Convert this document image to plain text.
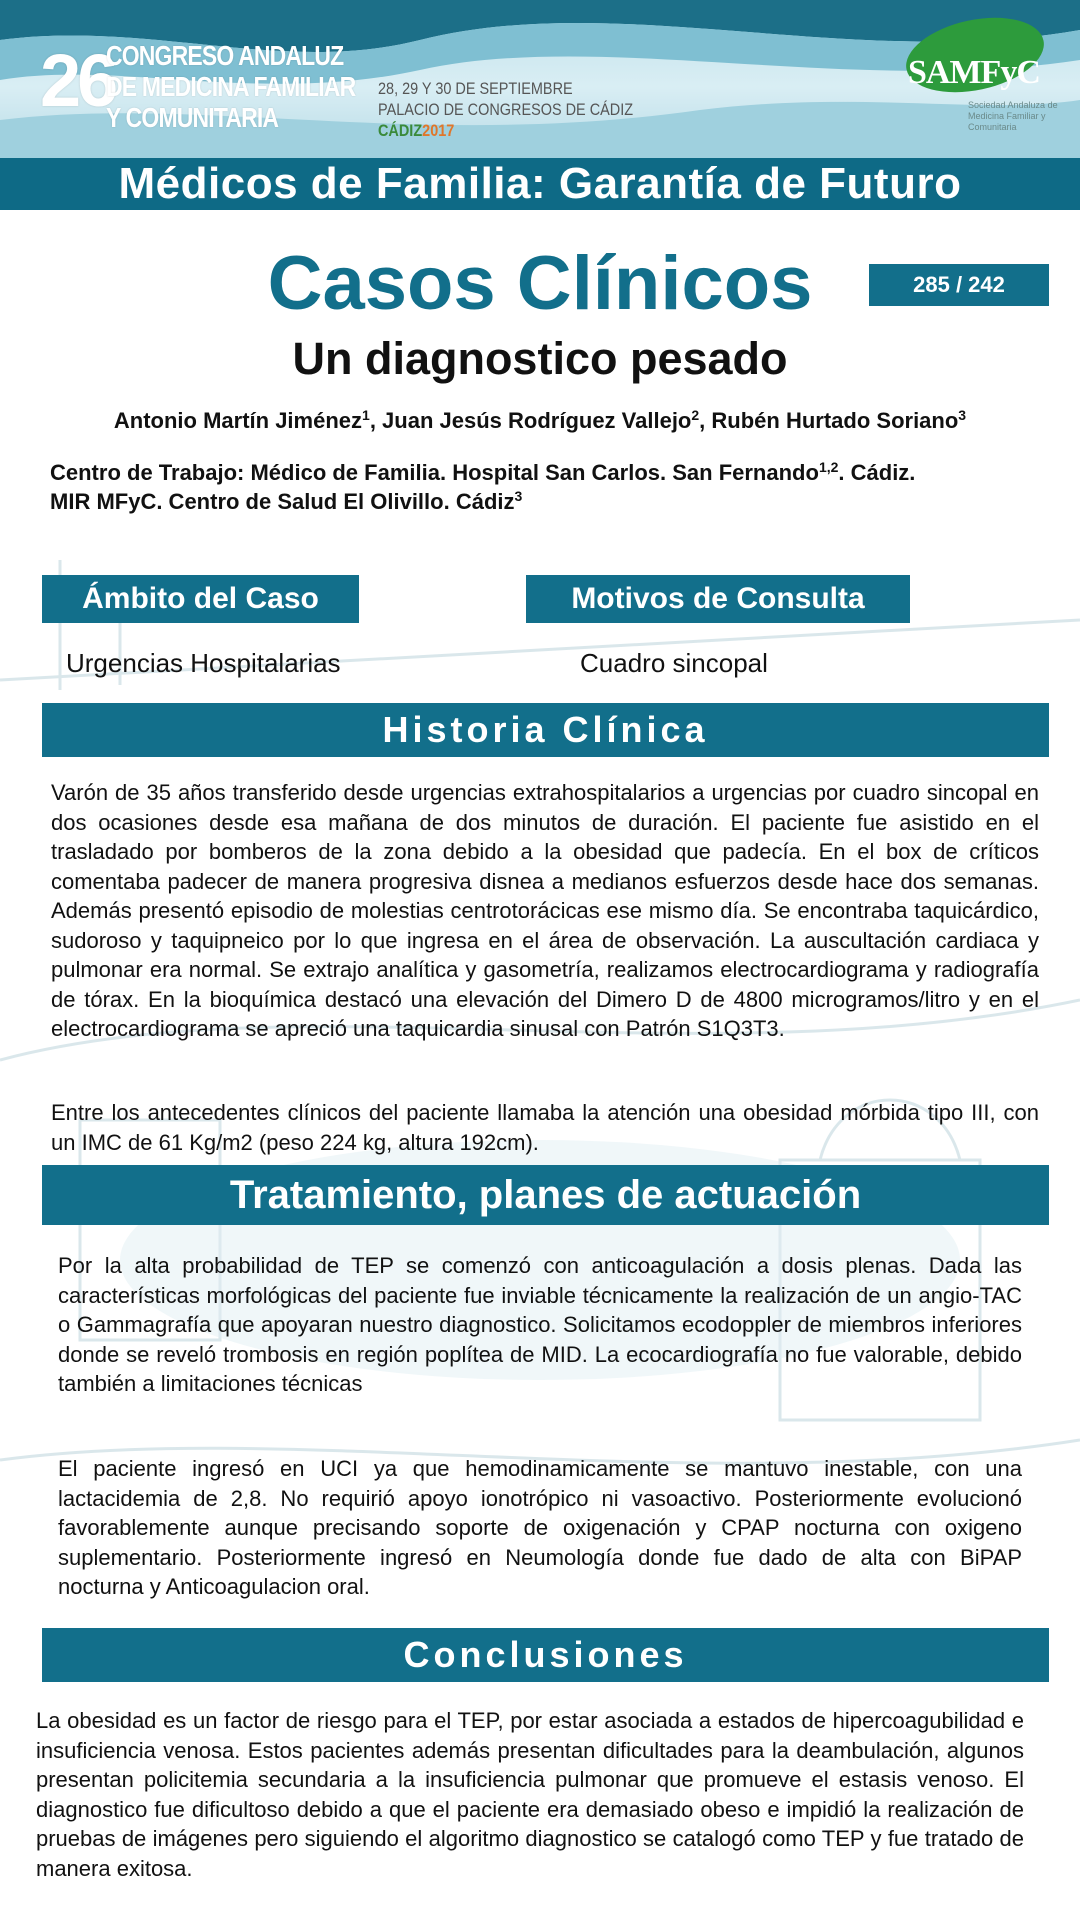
26
CONGRESO ANDALUZ
DE MEDICINA FAMILIAR
Y COMUNITARIA
28, 29 Y 30 DE SEPTIEMBRE
PALACIO DE CONGRESOS DE CÁDIZ
CÁDIZ2017
SAMFyC
Sociedad Andaluza de Medicina Familiar y Comunitaria
Médicos de Familia: Garantía de Futuro
Casos Clínicos	285 / 242
Un diagnostico pesado
Antonio Martín Jiménez$^1$, Juan Jesús Rodríguez Vallejo$^2$, Rubén Hurtado Soriano$^3$
Centro de Trabajo: Médico de Familia. Hospital San Carlos. San Fernando$^{1,2}$. Cádiz.
MIR MFyC. Centro de Salud El Olivillo. Cádiz$^3$
Ámbito del Caso	Motivos de Consulta
Urgencias Hospitalarias	Cuadro sincopal
Historia Clínica

Varón de 35 años transferido desde urgencias extrahospitalarios a urgencias por cuadro sincopal en dos ocasiones desde esa mañana de dos minutos de duración. El paciente fue asistido en el trasladado por bomberos de la zona debido a la obesidad que padecía. En el box de críticos comentaba padecer de manera progresiva disnea a medianos esfuerzos desde hace dos semanas. Además presentó episodio de molestias centrotorácicas ese mismo día. Se encontraba taquicárdico, sudoroso y taquipneico por lo que ingresa en el área de observación. La auscultación cardiaca y pulmonar era normal. Se extrajo analítica y gasometría, realizamos electrocardiograma y radiografía de tórax. En la bioquímica destacó una elevación del Dimero D de 4800 microgramos/litro y en el electrocardiograma se apreció una taquicardia sinusal con Patrón S1Q3T3.

Entre los antecedentes clínicos del paciente llamaba la atención una obesidad mórbida tipo III, con un IMC de 61 Kg/m2 (peso 224 kg, altura 192cm).

Tratamiento, planes de actuación

Por la alta probabilidad de TEP se comenzó con anticoagulación a dosis plenas. Dada las características morfológicas del paciente fue inviable técnicamente la realización de un angio-TAC o Gammagrafía que apoyaran nuestro diagnostico. Solicitamos ecodoppler de miembros inferiores donde se reveló trombosis en región poplítea de MID. La ecocardiografía no fue valorable, debido también a limitaciones técnicas

El paciente ingresó en UCI ya que hemodinamicamente se mantuvo inestable, con una lactacidemia de 2,8. No requirió apoyo ionotrópico ni vasoactivo. Posteriormente evolucionó favorablemente aunque precisando soporte de oxigenación y CPAP nocturna con oxigeno suplementario. Posteriormente ingresó en Neumología donde fue dado de alta con BiPAP nocturna y Anticoagulacion oral.

Conclusiones

La obesidad es un factor de riesgo para el TEP, por estar asociada a estados de hipercoagubilidad e insuficiencia venosa. Estos pacientes además presentan dificultades para la deambulación, algunos presentan policitemia secundaria a la insuficiencia pulmonar que promueve el estasis venoso. El diagnostico fue dificultoso debido a que el paciente era demasiado obeso e impidió la realización de pruebas de imágenes pero siguiendo el algoritmo diagnostico se catalogó como TEP y fue tratado de manera exitosa.
